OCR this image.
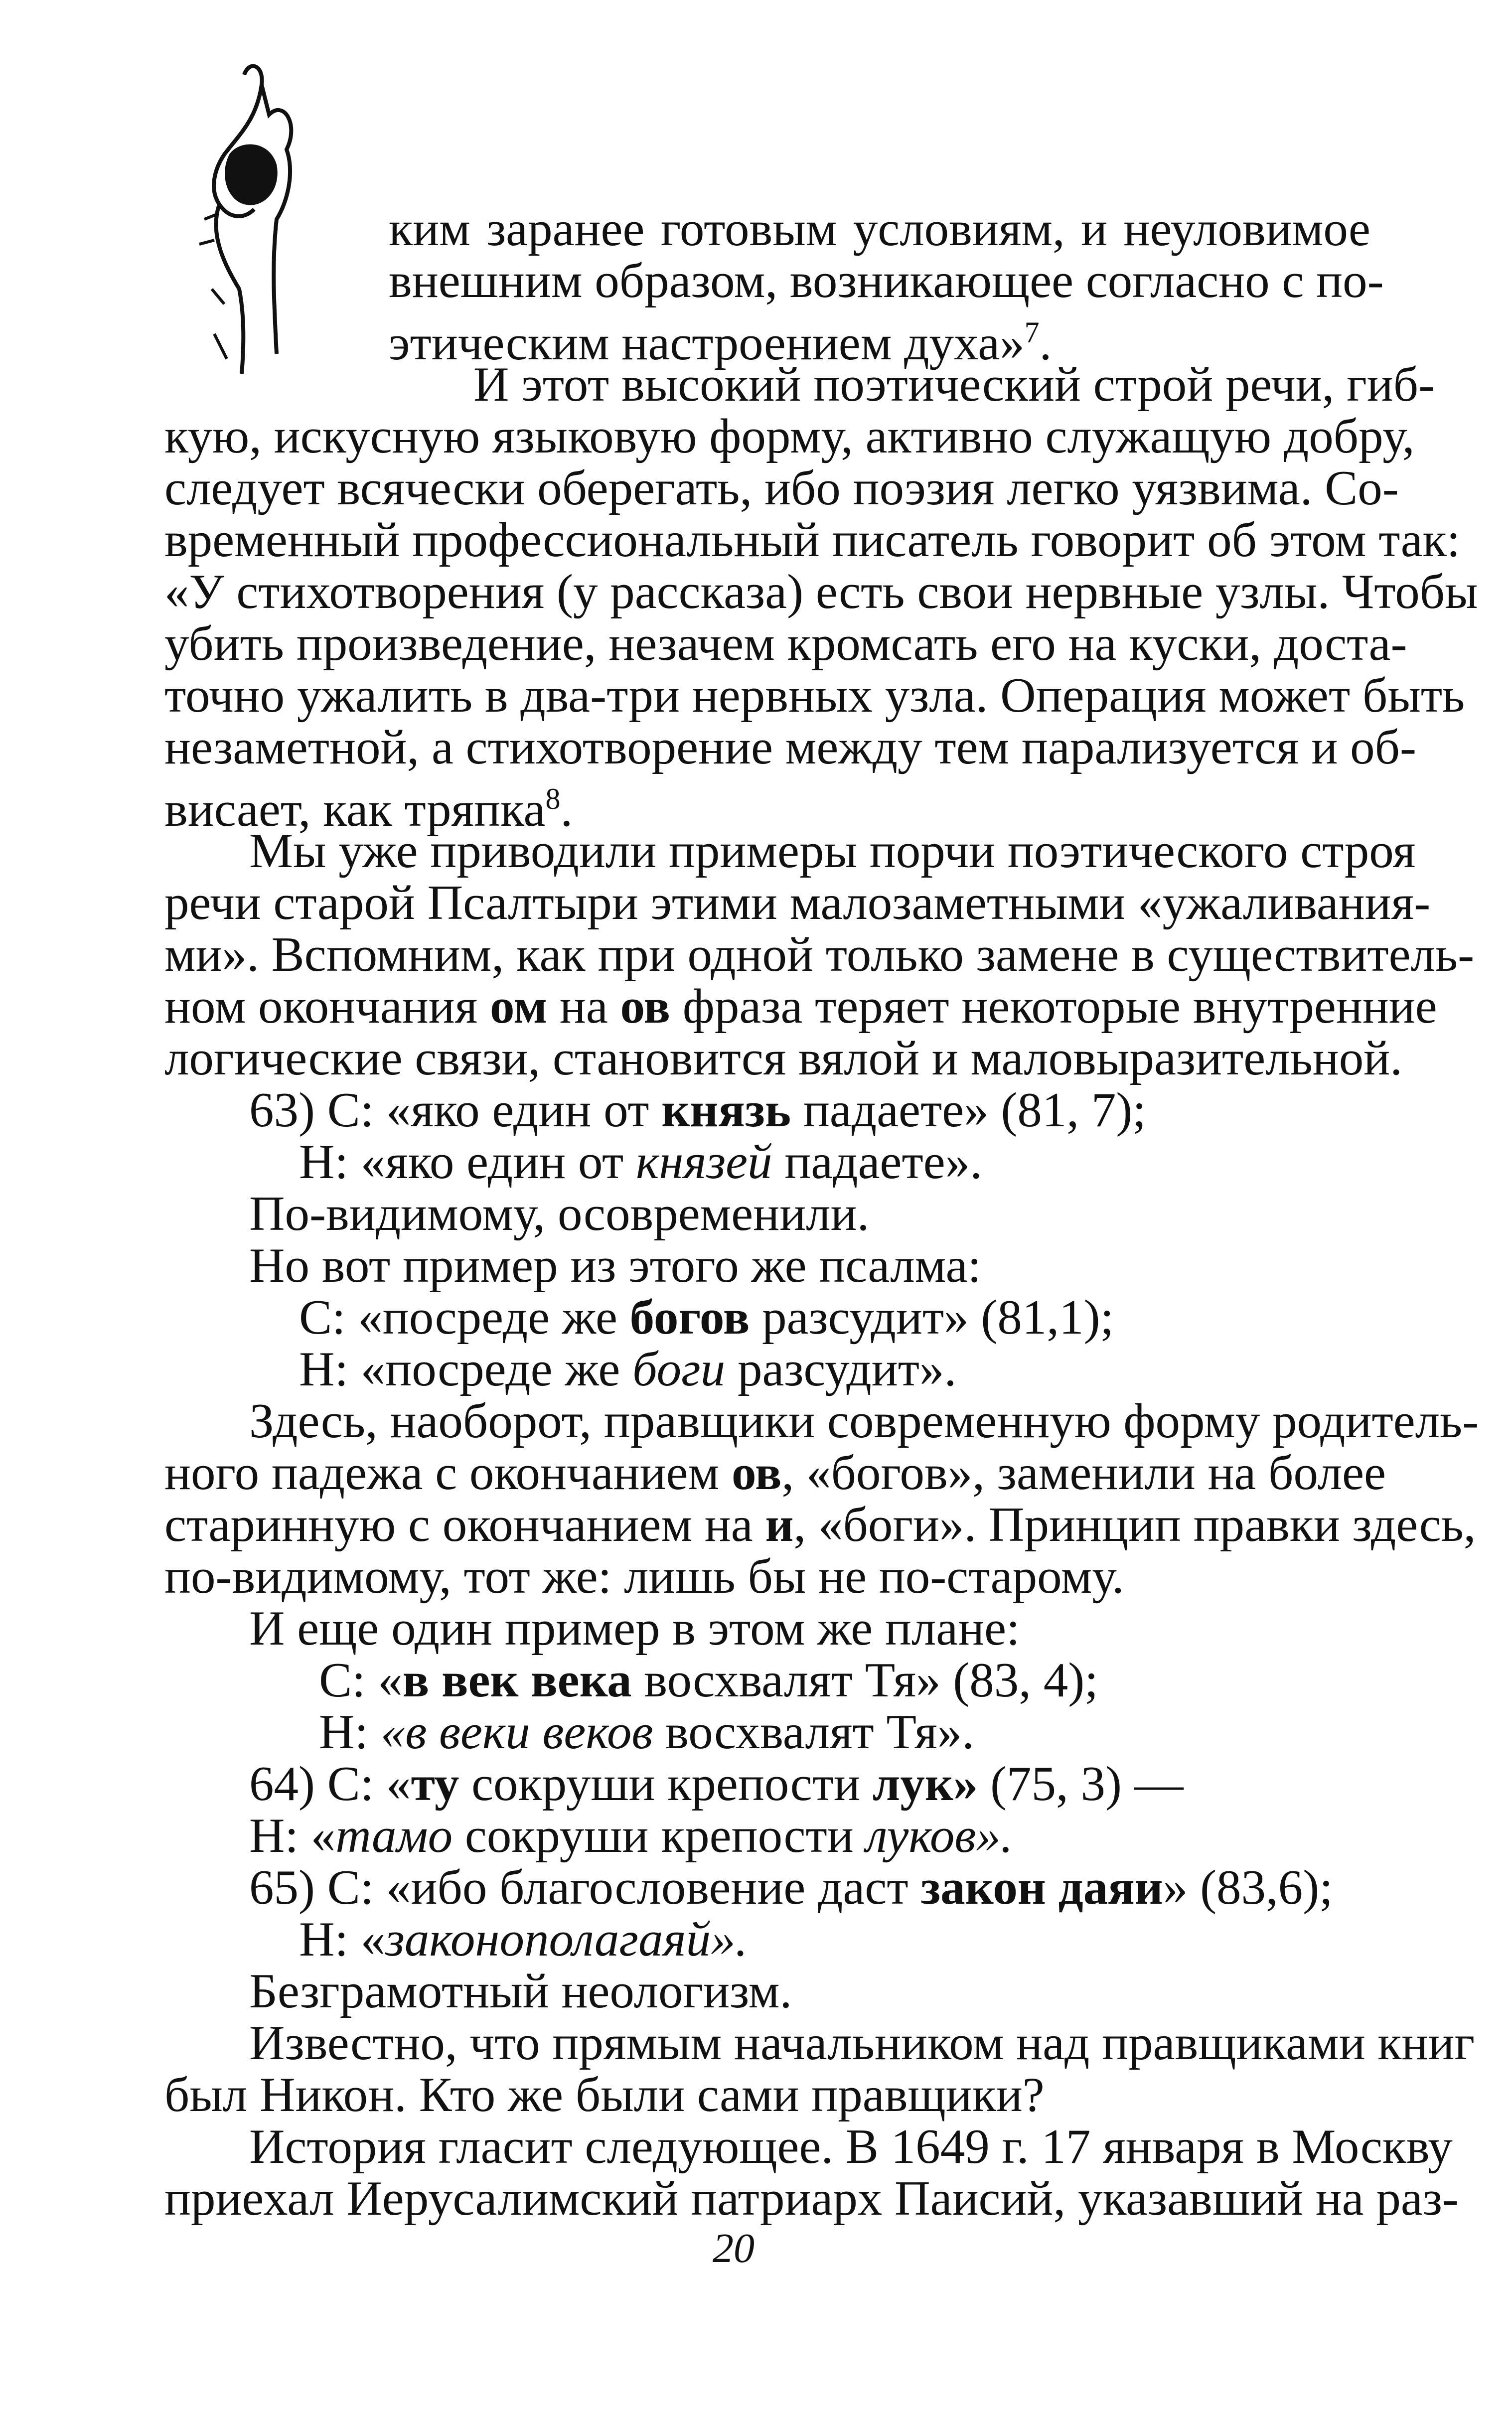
ким заранее готовым условиям, и неуловимое
внешним образом, возникающее согласно с по-
этическим настроением духа»$^7$.
И этот высокий поэтический строй речи, гиб-
кую, искусную языковую форму, активно служащую добру,
следует всячески оберегать, ибо поэзия легко уязвима. Со-
временный профессиональный писатель говорит об этом так:
«У стихотворения (у рассказа) есть свои нервные узлы. Чтобы
убить произведение, незачем кромсать его на куски, доста-
точно ужалить в два-три нервных узла. Операция может быть
незаметной, а стихотворение между тем парализуется и об-
висает, как тряпка$^8$.
Мы уже приводили примеры порчи поэтического строя
речи старой Псалтыри этими малозаметными «ужаливания-
ми». Вспомним, как при одной только замене в существитель-
ном окончания ом на ов фраза теряет некоторые внутренние
логические связи, становится вялой и маловыразительной.
63) С: «яко един от князь падаете» (81, 7);
Н: «яко един от князей падаете».
По-видимому, осовременили.
Но вот пример из этого же псалма:
С: «посреде же богов разсудит» (81,1);
Н: «посреде же боги разсудит».
Здесь, наоборот, правщики современную форму родитель-
ного падежа с окончанием ов, «богов», заменили на более
старинную с окончанием на и, «боги». Принцип правки здесь,
по-видимому, тот же: лишь бы не по-старому.
И еще один пример в этом же плане:
С: «в век века восхвалят Тя» (83, 4);
Н: «в веки веков восхвалят Тя».
64) С: «ту сокруши крепости лук» (75, 3) —
Н: «тамо сокруши крепости луков».
65) С: «ибо благословение даст закон даяи» (83,6);
Н: «законополагаяй».
Безграмотный неологизм.
Известно, что прямым начальником над правщиками книг
был Никон. Кто же были сами правщики?
История гласит следующее. В 1649 г. 17 января в Москву
приехал Иерусалимский патриарх Паисий, указавший на раз-
20
